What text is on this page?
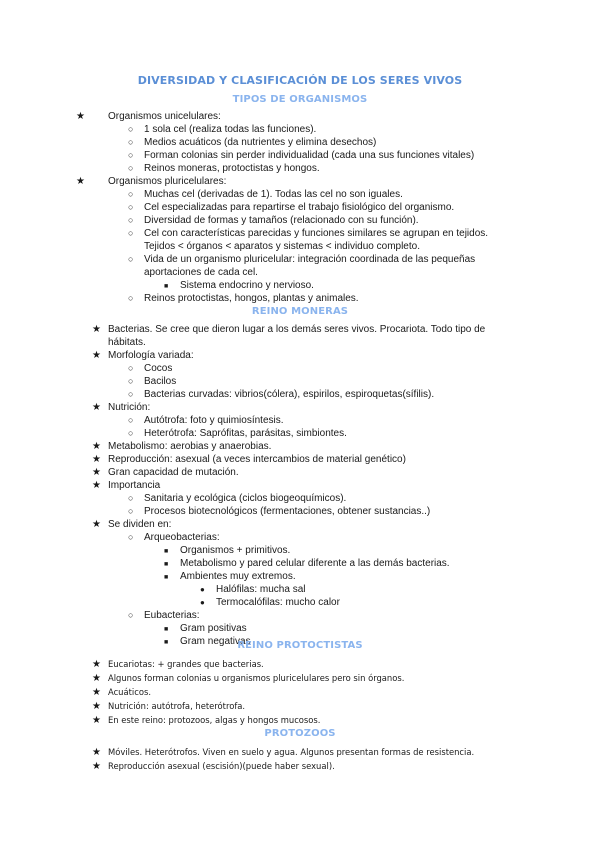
DIVERSIDAD Y CLASIFICACIÓN DE LOS SERES VIVOS
TIPOS DE ORGANISMOS
★ Organismos unicelulares:
○ 1 sola cel (realiza todas las funciones).
○ Medios acuáticos (da nutrientes y elimina desechos)
○ Forman colonias sin perder individualidad (cada una sus funciones vitales)
○ Reinos moneras, protoctistas y hongos.
★ Organismos pluricelulares:
○ Muchas cel (derivadas de 1). Todas las cel no son iguales.
○ Cel especializadas para repartirse el trabajo fisiológico del organismo.
○ Diversidad de formas y tamaños (relacionado con su función).
○ Cel con características parecidas y funciones similares se agrupan en tejidos.
Tejidos < órganos < aparatos y sistemas < individuo completo.
○ Vida de un organismo pluricelular: integración coordinada de las pequeñas
aportaciones de cada cel.
■ Sistema endocrino y nervioso.
○ Reinos protoctistas, hongos, plantas y animales.
REINO MONERAS
★ Bacterias. Se cree que dieron lugar a los demás seres vivos. Procariota. Todo tipo de
hábitats.
★ Morfología variada:
○ Cocos
○ Bacilos
○ Bacterias curvadas: vibrios(cólera), espirilos, espiroquetas(sífilis).
★ Nutrición:
○ Autótrofa: foto y quimiosíntesis.
○ Heterótrofa: Saprófitas, parásitas, simbiontes.
★ Metabolismo: aerobias y anaerobias.
★ Reproducción: asexual (a veces intercambios de material genético)
★ Gran capacidad de mutación.
★ Importancia
○ Sanitaria y ecológica (ciclos biogeoquímicos).
○ Procesos biotecnológicos (fermentaciones, obtener sustancias..)
★ Se dividen en:
○ Arqueobacterias:
■ Organismos + primitivos.
■ Metabolismo y pared celular diferente a las demás bacterias.
■ Ambientes muy extremos.
● Halófilas: mucha sal
● Termocalófilas: mucho calor
○ Eubacterias:
■ Gram positivas
■ Gram negativas
REINO PROTOCTISTAS
★ Eucariotas: + grandes que bacterias.
★ Algunos forman colonias u organismos pluricelulares pero sin órganos.
★ Acuáticos.
★ Nutrición: autótrofa, heterótrofa.
★ En este reino: protozoos, algas y hongos mucosos.
PROTOZOOS
★ Móviles. Heterótrofos. Viven en suelo y agua. Algunos presentan formas de resistencia.
★ Reproducción asexual (escisión)(puede haber sexual).
